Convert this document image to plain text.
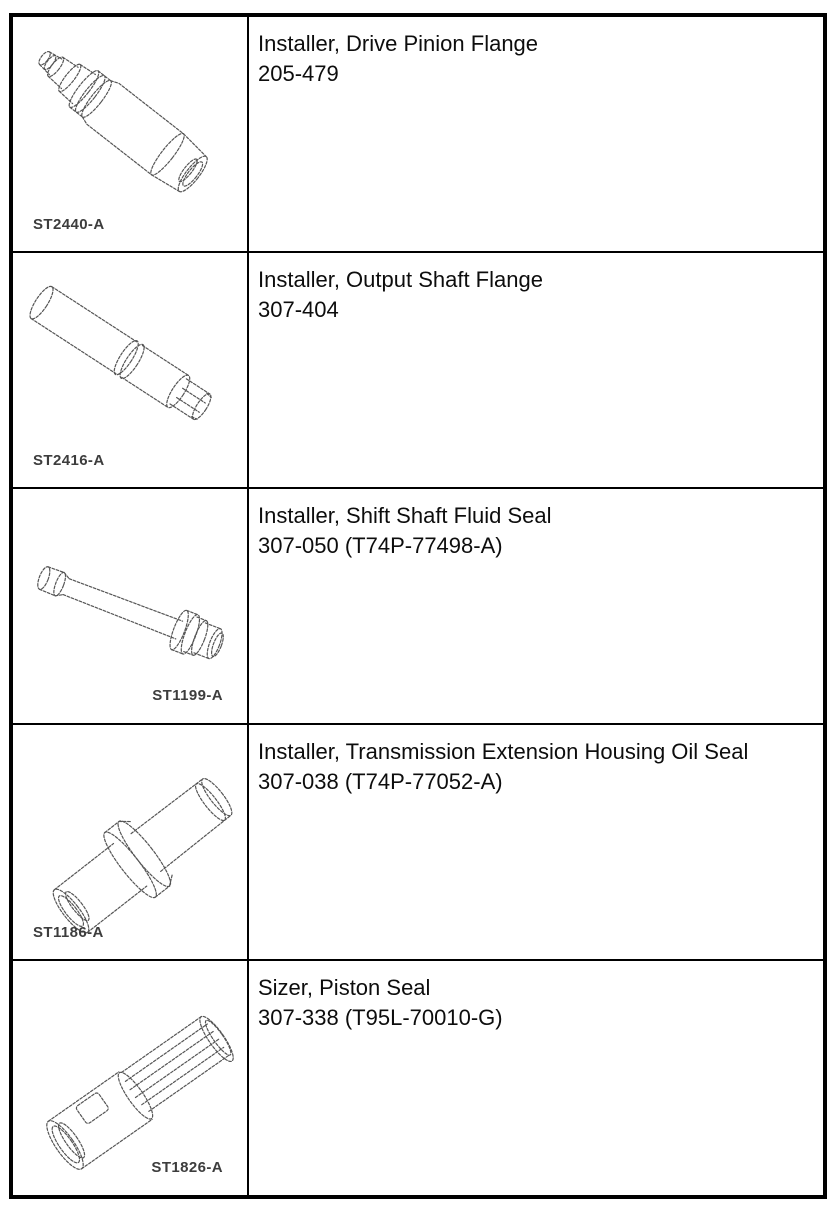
ST2440-A
Installer, Drive Pinion Flange
205-479
ST2416-A
Installer, Output Shaft Flange
307-404
ST1199-A
Installer, Shift Shaft Fluid Seal
307-050 (T74P-77498-A)
ST1186-A
Installer, Transmission Extension Housing Oil Seal
307-038 (T74P-77052-A)
ST1826-A
Sizer, Piston Seal
307-338 (T95L-70010-G)
